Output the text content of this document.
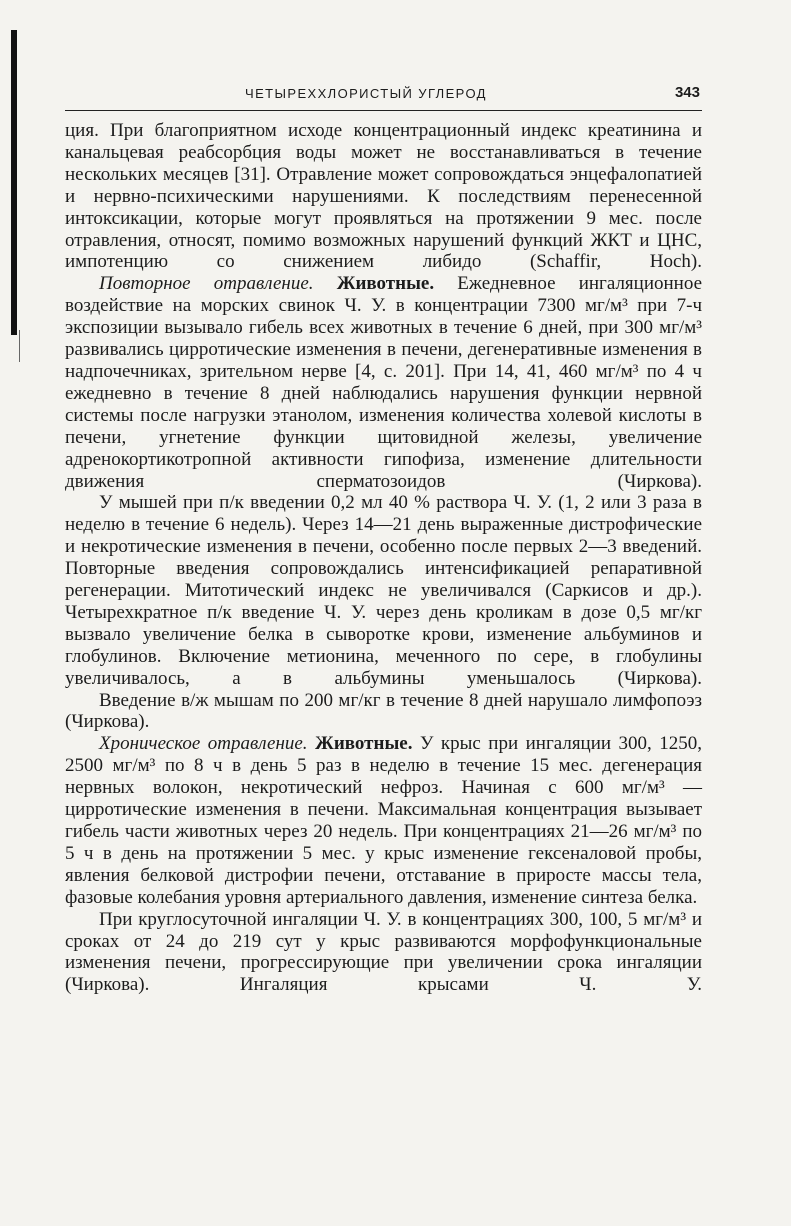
ЧЕТЫРЕХХЛОРИСТЫЙ УГЛЕРОД	343

ция. При благоприятном исходе концентрационный индекс креатинина и канальцевая реабсорбция воды может не восстанавливаться в течение нескольких месяцев [31]. Отравление может сопровождаться энцефалопатией и нервно-психическими нарушениями. К последствиям перенесенной интоксикации, которые могут проявляться на протяжении 9 мес. после отравления, относят, помимо возможных нарушений функций ЖКТ и ЦНС, импотенцию со снижением либидо (Schaffir, Hoch).

Повторное отравление. Животные. Ежедневное ингаляционное воздействие на морских свинок Ч. У. в концентрации 7300 мг/м³ при 7-ч экспозиции вызывало гибель всех животных в течение 6 дней, при 300 мг/м³ развивались цирротические изменения в печени, дегенеративные изменения в надпочечниках, зрительном нерве [4, с. 201]. При 14, 41, 460 мг/м³ по 4 ч ежедневно в течение 8 дней наблюдались нарушения функции нервной системы после нагрузки этанолом, изменения количества холевой кислоты в печени, угнетение функции щитовидной железы, увеличение адренокортикотропной активности гипофиза, изменение длительности движения сперматозоидов (Чиркова).

У мышей при п/к введении 0,2 мл 40 % раствора Ч. У. (1, 2 или 3 раза в неделю в течение 6 недель). Через 14—21 день выраженные дистрофические и некротические изменения в печени, особенно после первых 2—3 введений. Повторные введения сопровождались интенсификацией репаративной регенерации. Митотический индекс не увеличивался (Саркисов и др.). Четырехкратное п/к введение Ч. У. через день кроликам в дозе 0,5 мг/кг вызвало увеличение белка в сыворотке крови, изменение альбуминов и глобулинов. Включение метионина, меченного по сере, в глобулины увеличивалось, а в альбумины уменьшалось (Чиркова).

Введение в/ж мышам по 200 мг/кг в течение 8 дней нарушало лимфопоэз (Чиркова).

Хроническое отравление. Животные. У крыс при ингаляции 300, 1250, 2500 мг/м³ по 8 ч в день 5 раз в неделю в течение 15 мес. дегенерация нервных волокон, некротический нефроз. Начиная с 600 мг/м³ — цирротические изменения в печени. Максимальная концентрация вызывает гибель части животных через 20 недель. При концентрациях 21—26 мг/м³ по 5 ч в день на протяжении 5 мес. у крыс изменение гексеналовой пробы, явления белковой дистрофии печени, отставание в приросте массы тела, фазовые колебания уровня артериального давления, изменение синтеза белка.

При круглосуточной ингаляции Ч. У. в концентрациях 300, 100, 5 мг/м³ и сроках от 24 до 219 сут у крыс развиваются морфофункциональные изменения печени, прогрессирующие при увеличении срока ингаляции (Чиркова). Ингаляция крысами Ч. У.
